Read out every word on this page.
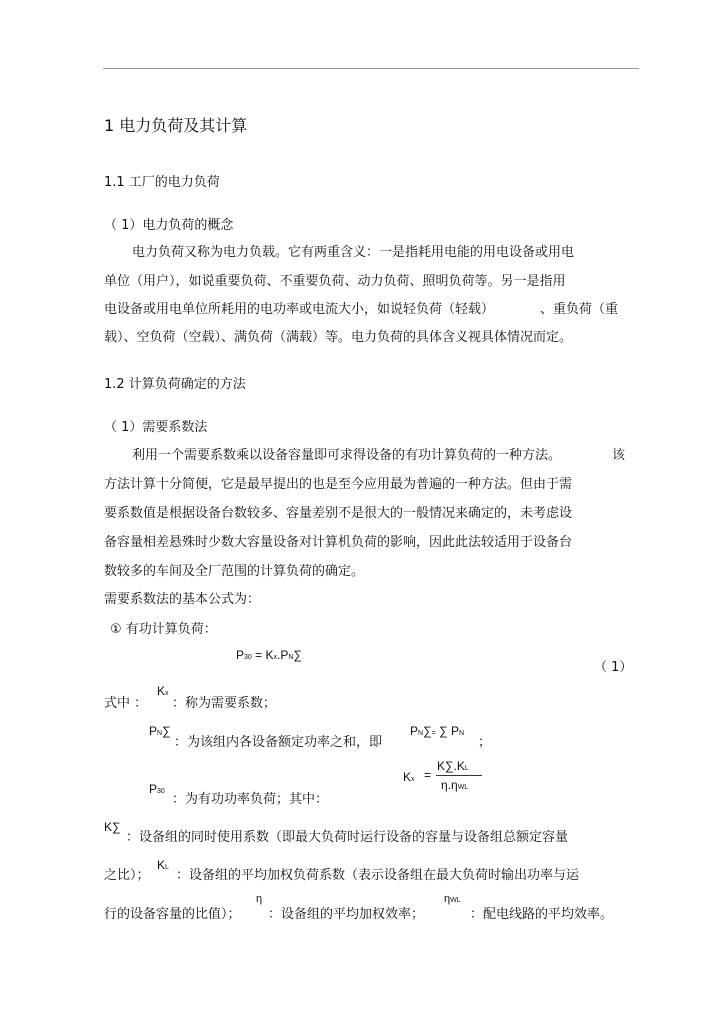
1 电力负荷及其计算
1.1 工厂的电力负荷
（ 1）电力负荷的概念
电力负荷又称为电力负载。它有两重含义：一是指耗用电能的用电设备或用电
单位（用户），如说重要负荷、不重要负荷、动力负荷、照明负荷等。另一是指用
电设备或用电单位所耗用的电功率或电流大小，如说轻负荷（轻载）	、重负荷（重
载）、空负荷（空载）、满负荷（满载）等。电力负荷的具体含义视具体情况而定。
1.2 计算负荷确定的方法
（ 1）需要系数法
利用一个需要系数乘以设备容量即可求得设备的有功计算负荷的一种方法。	该
方法计算十分简便，它是最早提出的也是至今应用最为普遍的一种方法。但由于需
要系数值是根据设备台数较多、容量差别不是很大的一般情况来确定的，未考虑设
备容量相差悬殊时少数大容量设备对计算机负荷的影响，因此此法较适用于设备台
数较多的车间及全厂范围的计算负荷的确定。
需要系数法的基本公式为：
① 有功计算负荷：
P30 = Kx.PN∑
（ 1）
式中 ：
Kx
：称为需要系数；
PN∑
：为该组内各设备额定功率之和，即
PN∑= ∑ PN
；
Kx =
K∑.KL
η.ηWL
P30
：为有功功率负荷；其中：
K∑
：设备组的同时使用系数（即最大负荷时运行设备的容量与设备组总额定容量
之比）；
KL
：设备组的平均加权负荷系数（表示设备组在最大负荷时输出功率与运
行的设备容量的比值）；
η
：设备组的平均加权效率；
ηWL
：配电线路的平均效率。
